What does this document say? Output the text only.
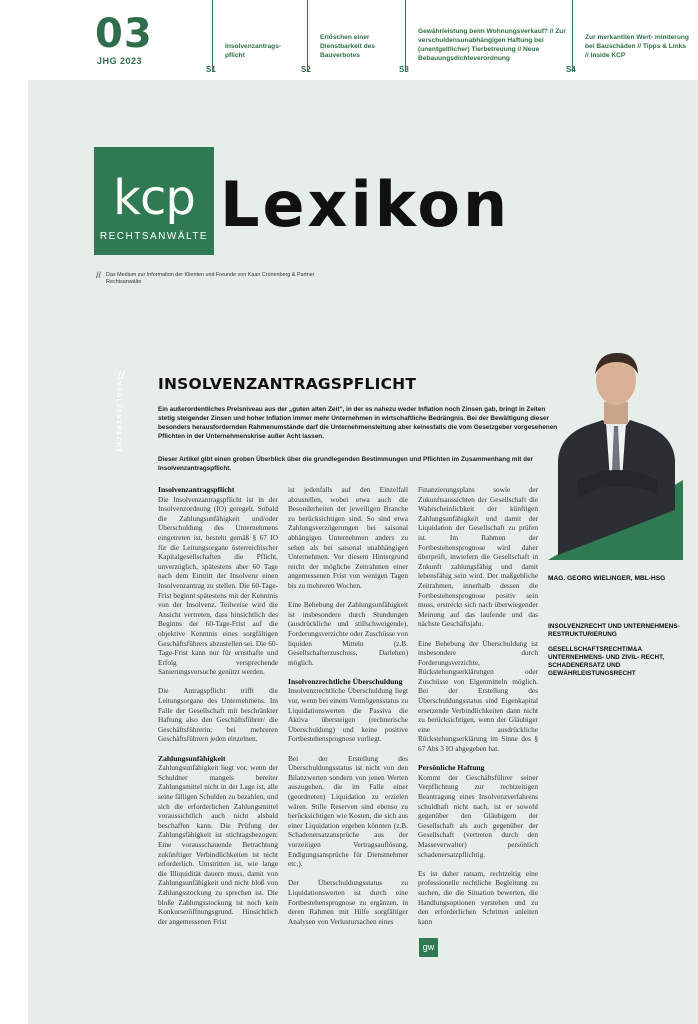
03
JHG 2023
Insolvenzantrags- pflicht
S1
Erlöschen einer Dienstbarkeit des Bauverbotes
S2
Gewährleistung beim Wohnungsverkauf? // Zur verschuldensunabhängigen Haftung bei (unentgeltlicher) Tierbetreuung // Neue Bebauungsdichteverordnung
S3
Zur merkantilen Wert- minderung bei Bauschäden // Tipps & Links // Inside KCP
S4
kcp
RECHTSANWÄLTE Lexikon
// Das Medium zur Information der Klienten und Freunde von Kaan Cronenberg & Partner Rechtsanwälte
//
INSOLVENZRECHT INSOLVENZANTRAGSPFLICHT
Ein außerordentliches Preisniveau aus der „guten alten Zeit", in der es nahezu weder Inflation noch Zinsen gab, bringt in Zeiten stetig steigender Zinsen und hoher Inflation immer mehr Unternehmen in wirtschaftliche Bedrängnis. Bei der Bewältigung dieser besonders herausfordernden Rahmenumstände darf die Unternehmensleitung aber keinesfalls die vom Gesetzgeber vorgesehenen Pflichten in der Unternehmenskrise außer Acht lassen.
Dieser Artikel gibt einen groben Überblick über die grundlegenden Bestimmungen und Pflichten im Zusammenhang mit der Insolvenzantragspflicht.
Insolvenzantragspflicht

Die Insolvenzantragspflicht ist in der Insolvenzordnung (IO) geregelt. Sobald die Zahlungsunfähigkeit und/oder Überschuldung des Unternehmens eingetreten ist, besteht gemäß § 67 IO für die Leitungsorgane österreichischer Kapitalgesellschaften die Pflicht, unverzüglich, spätestens aber 60 Tage nach dem Eintritt der Insolvenz einen Insolvenzantrag zu stellen. Die 60-Tage-Frist beginnt spätestens mit der Kenntnis von der Insolvenz. Teilweise wird die Ansicht vertreten, dass hinsichtlich des Beginns der 60-Tage-Frist auf die objektive Kenntnis eines sorgfältigen Geschäftsführers abzustellen sei. Die 60-Tage-Frist kann nur für ernsthafte und Erfolg versprechende Sanierungsversuche genützt werden.

Die Antragspflicht trifft die Leitungsorgane des Unternehmens. Im Falle der Gesellschaft mit beschränkter Haftung also den Geschäftsführer/ die Geschäftsführerin; bei mehreren Geschäftsführern jeden einzelnen.

Zahlungsunfähigkeit

Zahlungsunfähigkeit liegt vor, wenn der Schuldner mangels bereiter Zahlungsmittel nicht in der Lage ist, alle seine fälligen Schulden zu bezahlen, und sich die erforderlichen Zahlungsmittel voraussichtlich auch nicht alsbald beschaffen kann. Die Prüfung der Zahlungsfähigkeit ist stichtagsbezogen: Eine vorausschauende Betrachtung zukünftiger Verbindlichkeiten ist nicht erforderlich. Umstritten ist, wie lange die Illiquidität dauern muss, damit von Zahlungsunfähigkeit und nicht bloß von Zahlungsstockung zu sprechen ist. Die bloße Zahlungsstockung ist noch kein Konkurseröffnungsgrund. Hinsichtlich der angemessenen Frist

ist jedenfalls auf den Einzelfall abzustellen, wobei etwa auch die Besonderheiten der jeweiligen Branche zu berücksichtigen sind. So sind etwa Zahlungsverzögerungen bei saisonal abhängigen Unternehmen anders zu sehen als bei saisonal unabhängigen Unternehmen. Vor diesem Hintergrund reicht der mögliche Zeitrahmen einer angemessenen Frist von wenigen Tagen bis zu mehreren Wochen.

Eine Behebung der Zahlungsunfähigkeit ist insbesondere durch Stundungen (ausdrückliche und stillschweigende), Forderungsverzichte oder Zuschüsse von liquiden Mitteln (z.B. Gesellschafterzuschuss, Darlehen) möglich.

Insolvenzrechtliche Überschuldung

Insolvenzrechtliche Überschuldung liegt vor, wenn bei einem Vermögensstatus zu Liquidationswerten die Passiva die Aktiva übersteigen (rechnerische Überschuldung) und keine positive Fortbestehensprognose vorliegt.

Bei der Erstellung des Überschuldungsstatus ist nicht von den Bilanzwerten sondern von jenen Werten auszugehen, die im Falle einer (geordneten) Liquidation zu erzielen wären. Stille Reserven sind ebenso zu berücksichtigen wie Kosten, die sich aus einer Liquidation ergeben könnten (z.B. Schadenersatzansprüche aus der vorzeitigen Vertragsauflösung, Endigungsansprüche für Dienstnehmer etc.).

Der Überschuldungsstatus zu Liquidationswerten ist durch eine Fortbestehensprognose zu ergänzen, in deren Rahmen mit Hilfe sorgfältiger Analysen von Verlustursachen eines

Finanzierungsplans sowie der Zukunftsaussichten der Gesellschaft die Wahrscheinlichkeit der künftigen Zahlungsunfähigkeit und damit der Liquidation der Gesellschaft zu prüfen ist. Im Rahmen der Fortbestehensprognose wird daher überprüft, inwiefern die Gesellschaft in Zukunft zahlungsfähig und damit lebensfähig sein wird. Der maßgebliche Zeitrahmen, innerhalb dessen die Fortbestehensprognose positiv sein muss, erstreckt sich nach überwiegender Meinung auf das laufende und das nächste Geschäftsjahr.

Eine Behebung der Überschuldung ist insbesondere durch Forderungsverzichte, Rückstehungserklärungen oder Zuschüsse von Eigenmitteln möglich. Bei der Erstellung des Überschuldungsstatus sind Eigenkapital ersetzende Verbindlichkeiten dann nicht zu berücksichtigen, wenn der Gläubiger eine ausdrückliche Rückstehungserklärung im Sinne des § 67 Abs 3 IO abgegeben hat.

Persönliche Haftung

Kommt der Geschäftsführer seiner Verpflichtung zur rechtzeitigen Beantragung eines Insolvenzverfahrens schuldhaft nicht nach, ist er sowohl gegenüber den Gläubigern der Gesellschaft als auch gegenüber der Gesellschaft (vertreten durch den Masseverwalter) persönlich schadenersatzpflichtig.

Es ist daher ratsam, rechtzeitig eine professionelle rechtliche Begleitung zu suchen, die die Situation bewerten, die Handlungsoptionen verstehen und zu den erforderlichen Schritten anleiten kann

MAG. GEORG WIELINGER, MBL-HSG
INSOLVENZRECHT UND UNTERNEHMENS- RESTRUKTURIERUNG
GESELLSCHAFTSRECHT/M&A UNTERNEHMENS- UND ZIVIL- RECHT, SCHADENERSATZ UND GEWÄHRLEISTUNGSRECHT
gw
